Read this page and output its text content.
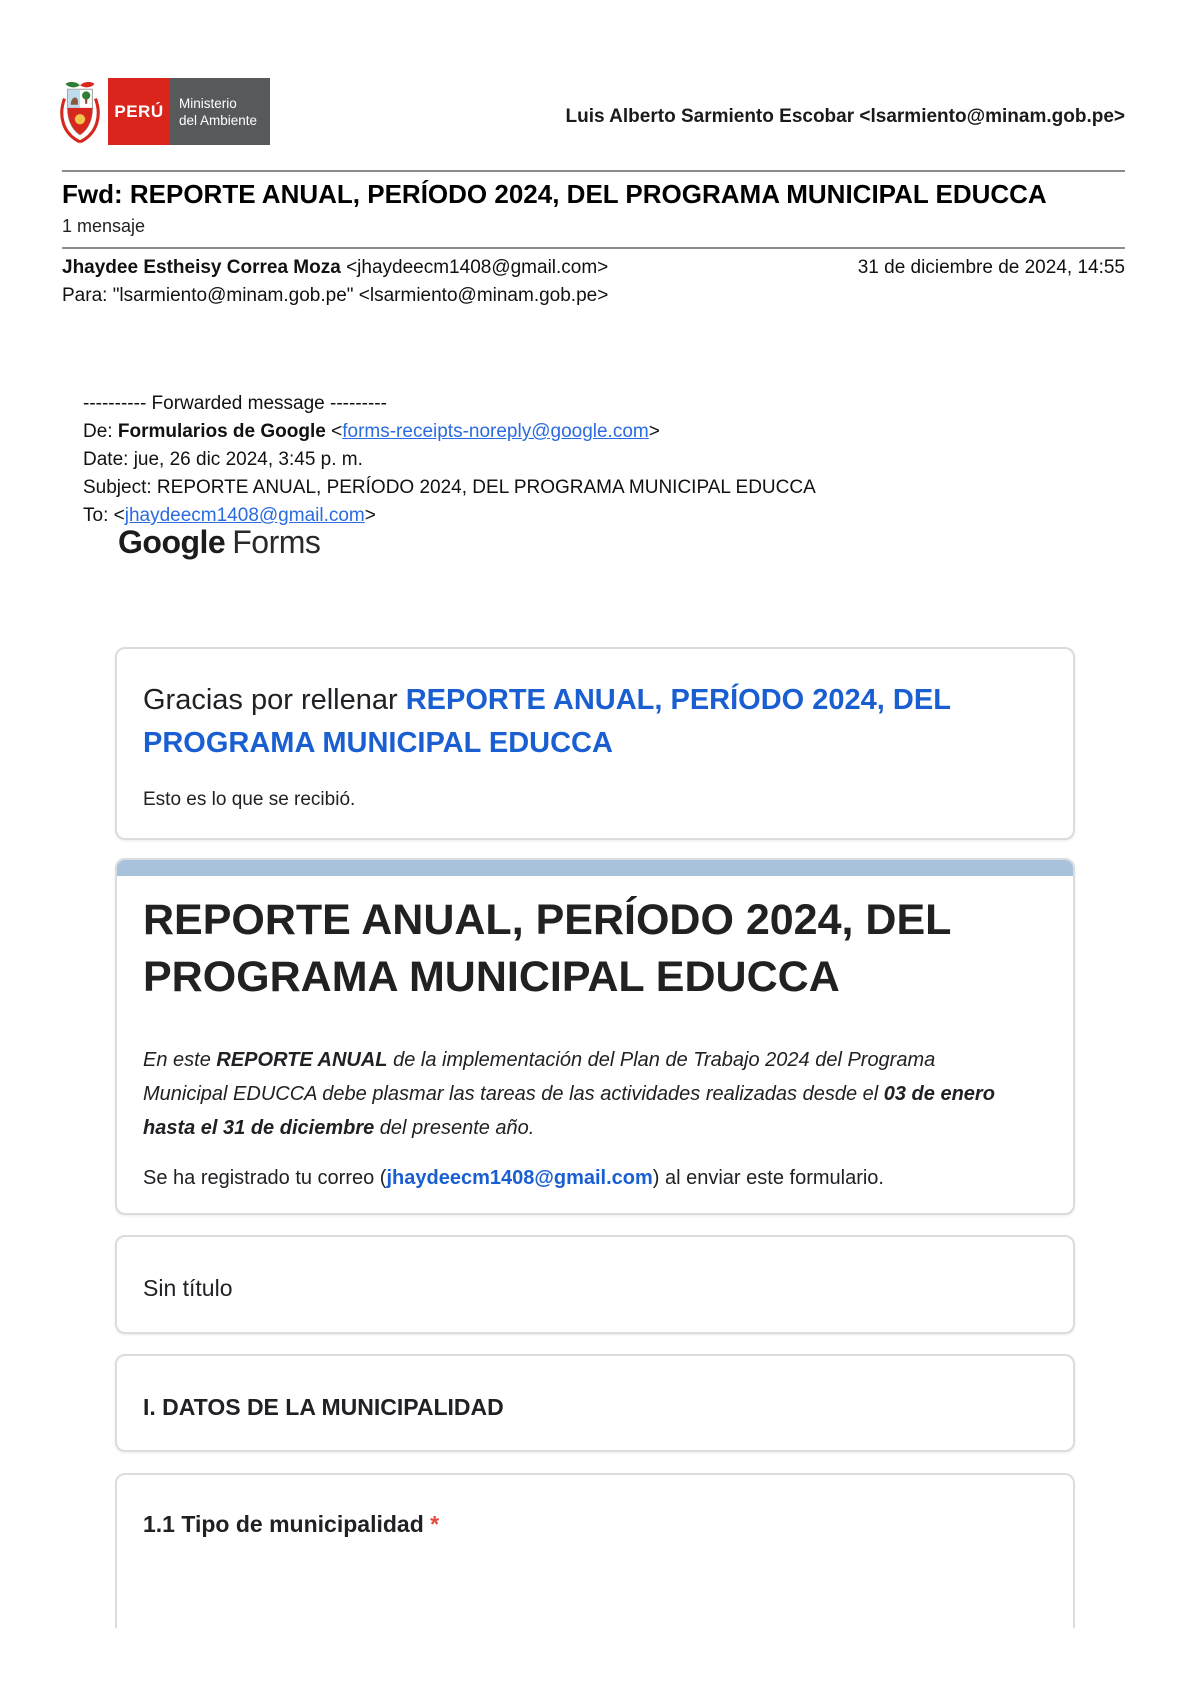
PERÚ Ministerio
del Ambiente	Luis Alberto Sarmiento Escobar <lsarmiento@minam.gob.pe>
Fwd: REPORTE ANUAL, PERÍODO 2024, DEL PROGRAMA MUNICIPAL EDUCCA
1 mensaje
Jhaydee Estheisy Correa Moza <jhaydeecm1408@gmail.com>	31 de diciembre de 2024, 14:55
Para: "lsarmiento@minam.gob.pe" <lsarmiento@minam.gob.pe>
---------- Forwarded message ---------
De: Formularios de Google <forms-receipts-noreply@google.com>
Date: jue, 26 dic 2024, 3:45 p. m.
Subject: REPORTE ANUAL, PERÍODO 2024, DEL PROGRAMA MUNICIPAL EDUCCA
To: <jhaydeecm1408@gmail.com>
Google Forms
Gracias por rellenar REPORTE ANUAL, PERÍODO 2024, DEL PROGRAMA MUNICIPAL EDUCCA
Esto es lo que se recibió.
REPORTE ANUAL, PERÍODO 2024, DEL PROGRAMA MUNICIPAL EDUCCA
En este REPORTE ANUAL de la implementación del Plan de Trabajo 2024 del Programa Municipal EDUCCA debe plasmar las tareas de las actividades realizadas desde el 03 de enero hasta el 31 de diciembre del presente año.
Se ha registrado tu correo (jhaydeecm1408@gmail.com) al enviar este formulario.
Sin título
I. DATOS DE LA MUNICIPALIDAD
1.1 Tipo de municipalidad *
